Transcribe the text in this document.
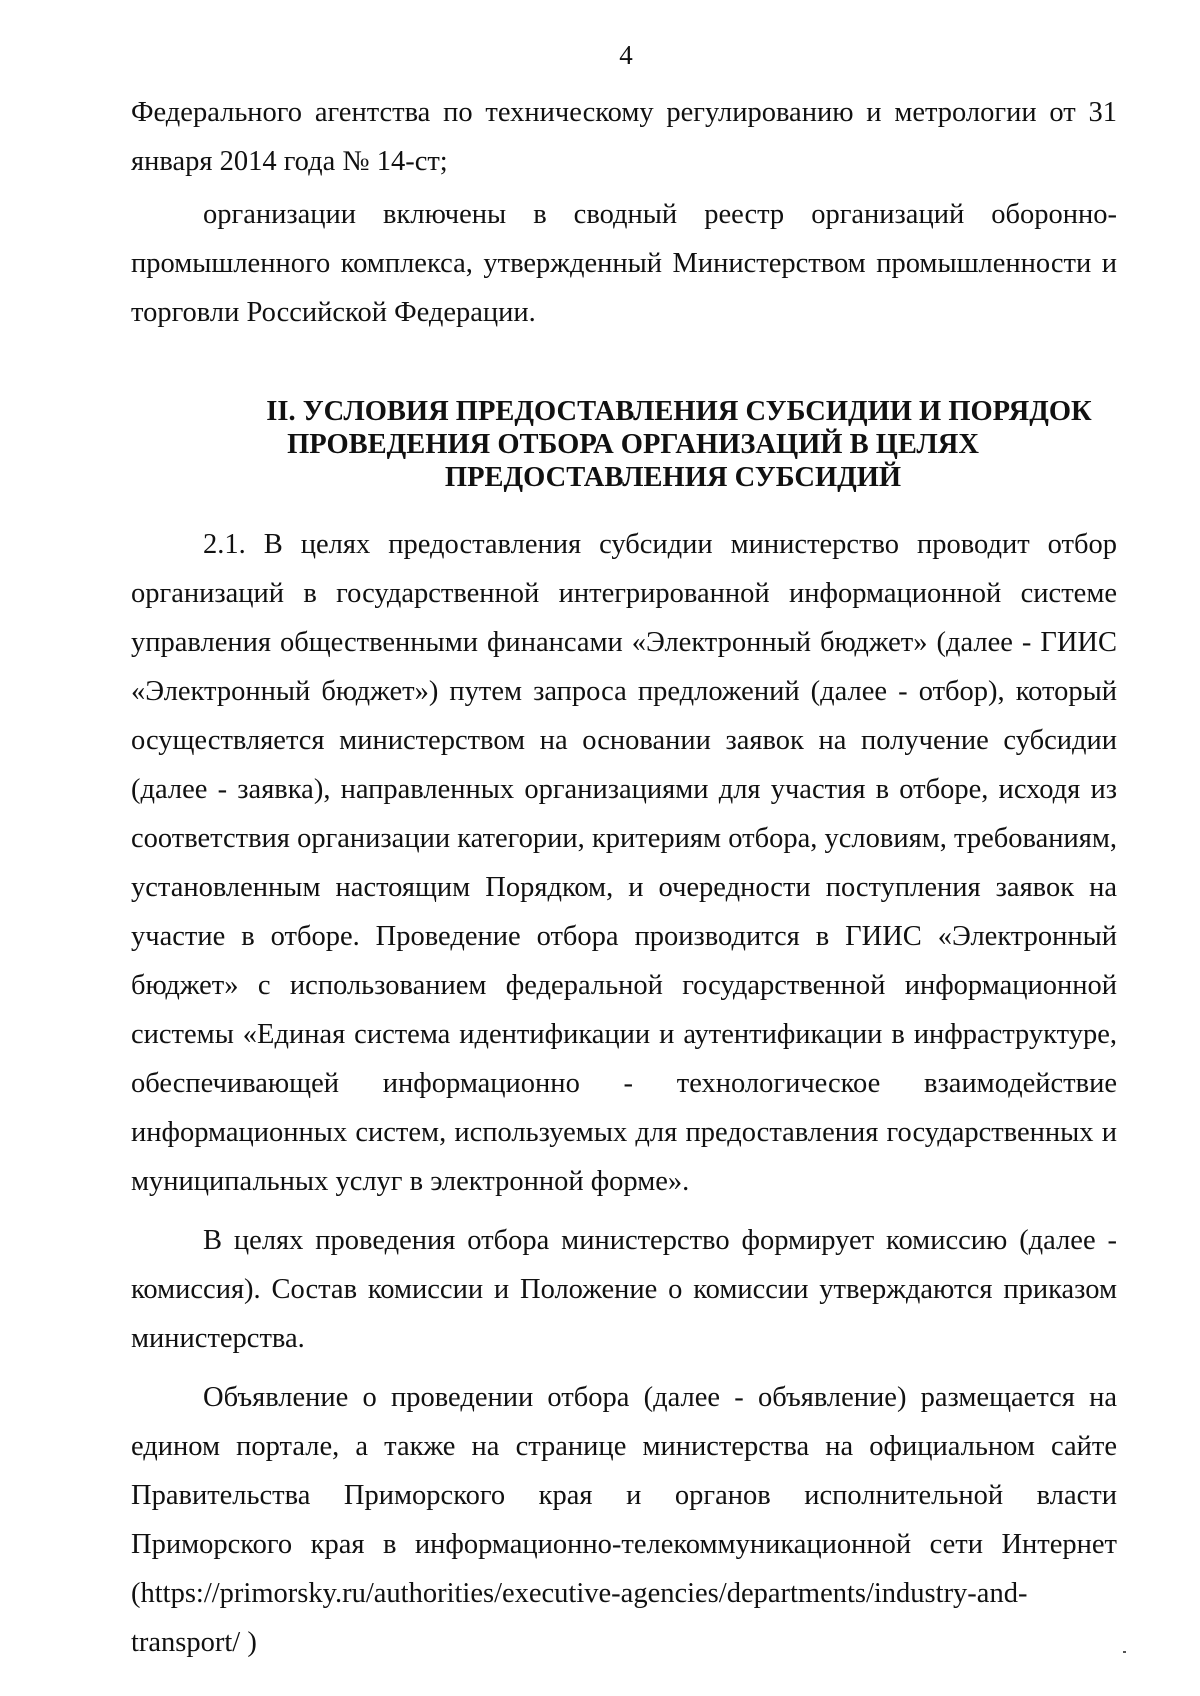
4

Федерального агентства по техническому регулированию и метрологии от 31 января 2014 года № 14-ст;

организации включены в сводный реестр организаций оборонно-промышленного комплекса, утвержденный Министерством промышленности и торговли Российской Федерации.

II. УСЛОВИЯ ПРЕДОСТАВЛЕНИЯ СУБСИДИИ И ПОРЯДОК
ПРОВЕДЕНИЯ ОТБОРА ОРГАНИЗАЦИЙ В ЦЕЛЯХ
ПРЕДОСТАВЛЕНИЯ СУБСИДИЙ

2.1. В целях предоставления субсидии министерство проводит отбор организаций в государственной интегрированной информационной системе управления общественными финансами «Электронный бюджет» (далее - ГИИС «Электронный бюджет») путем запроса предложений (далее - отбор), который осуществляется министерством на основании заявок на получение субсидии (далее - заявка), направленных организациями для участия в отборе, исходя из соответствия организации категории, критериям отбора, условиям, требованиям, установленным настоящим Порядком, и очередности поступления заявок на участие в отборе. Проведение отбора производится в ГИИС «Электронный бюджет» с использованием федеральной государственной информационной системы «Единая система идентификации и аутентификации в инфраструктуре, обеспечивающей информационно - технологическое взаимодействие информационных систем, используемых для предоставления государственных и муниципальных услуг в электронной форме».

В целях проведения отбора министерство формирует комиссию (далее - комиссия). Состав комиссии и Положение о комиссии утверждаются приказом министерства.

Объявление о проведении отбора (далее - объявление) размещается на едином портале, а также на странице министерства на официальном сайте Правительства Приморского края и органов исполнительной власти Приморского края в информационно-телекоммуникационной сети Интернет (https://primorsky.ru/authorities/executive-agencies/departments/industry-and-transport/ )
